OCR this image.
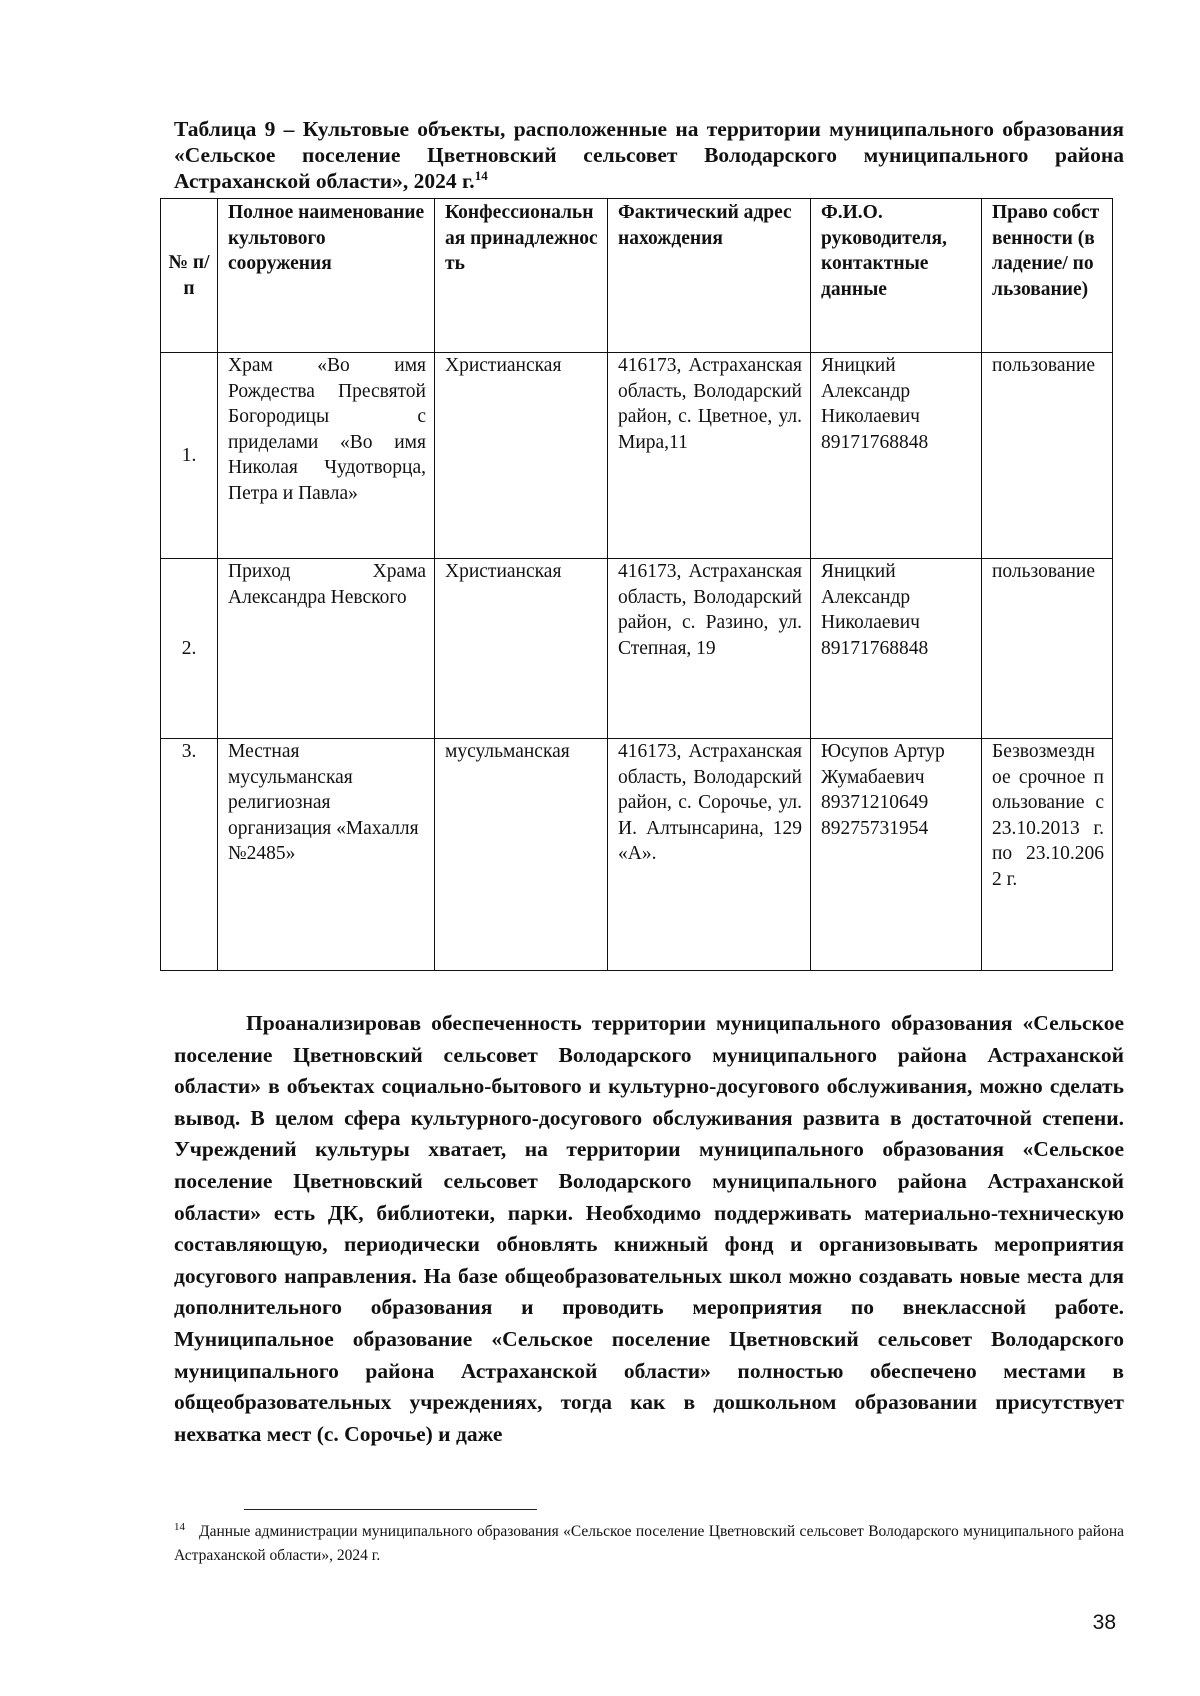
Таблица 9 – Культовые объекты, расположенные на территории муниципального образования «Сельское поселение Цветновский сельсовет Володарского муниципального района Астраханской области», 2024 г.$^{14}$
№ п/п	Полное наименование культового сооружения	Конфессиональная принадлежность	Фактический адрес нахождения	Ф.И.О. руководителя, контактные данные	Право собственности (владение/ пользование)
1.	Храм «Во имя Рождества Пресвятой Богородицы с приделами «Во имя Николая Чудотворца, Петра и Павла»	Христианская	416173, Астраханская область, Володарский район, с. Цветное, ул. Мира,11	Яницкий Александр Николаевич 89171768848	пользование
2.	Приход Храма Александра Невского	Христианская	416173, Астраханская область, Володарский район, с. Разино, ул. Степная, 19	Яницкий Александр Николаевич 89171768848	пользование
3.	Местная мусульманская религиозная организация «Махалля №2485»	мусульманская	416173, Астраханская область, Володарский район, с. Сорочье, ул. И. Алтынсарина, 129 «А».	Юсупов Артур Жумабаевич 89371210649 89275731954	Безвозмездное срочное пользование с 23.10.2013 г. по 23.10.2062 г.

Проанализировав обеспеченность территории муниципального образования «Сельское поселение Цветновский сельсовет Володарского муниципального района Астраханской области» в объектах социально-бытового и культурно-досугового обслуживания, можно сделать вывод. В целом сфера культурного-досугового обслуживания развита в достаточной степени. Учреждений культуры хватает, на территории муниципального образования «Сельское поселение Цветновский сельсовет Володарского муниципального района Астраханской области» есть ДК, библиотеки, парки. Необходимо поддерживать материально-техническую составляющую, периодически обновлять книжный фонд и организовывать мероприятия досугового направления. На базе общеобразовательных школ можно создавать новые места для дополнительного образования и проводить мероприятия по внеклассной работе. Муниципальное образование «Сельское поселение Цветновский сельсовет Володарского муниципального района Астраханской области» полностью обеспечено местами в общеобразовательных учреждениях, тогда как в дошкольном образовании присутствует нехватка мест (с. Сорочье) и даже

$^{14}$ Данные администрации муниципального образования «Сельское поселение Цветновский сельсовет Володарского муниципального района Астраханской области», 2024 г.
38
